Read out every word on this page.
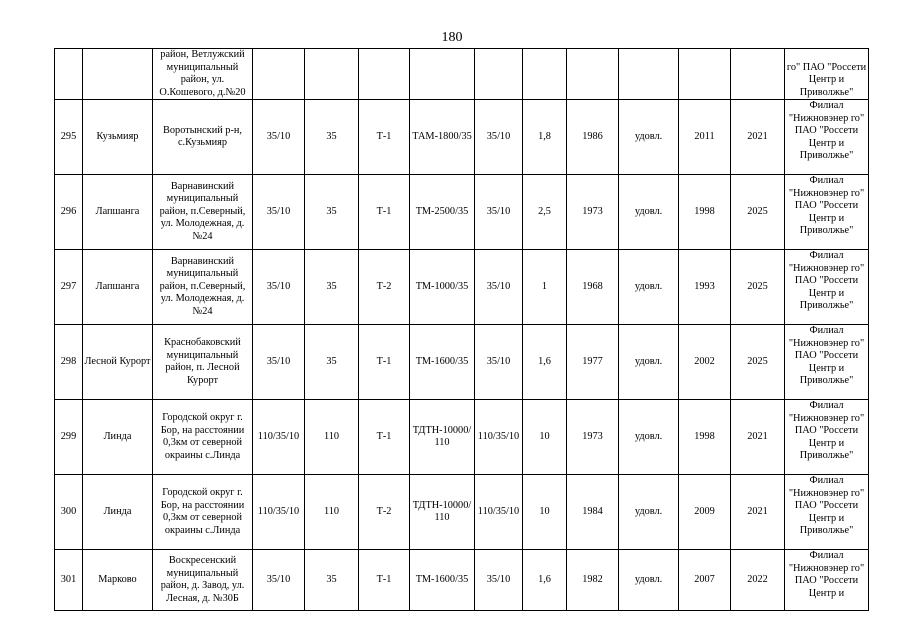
180
		район, Ветлужский муниципальный район, ул. О.Кошевого, д.№20											го" ПАО "Россети Центр и Приволжье"
295	Кузьмияр	Воротынский р-н, с.Кузьмияр	35/10	35	Т-1	ТАМ-1800/35	35/10	1,8	1986	удовл.	2011	2021	Филиал "Нижновэнер го" ПАО "Россети Центр и Приволжье"
296	Лапшанга	Варнавинский муниципальный район, п.Северный, ул. Молодежная, д.№24	35/10	35	Т-1	ТМ-2500/35	35/10	2,5	1973	удовл.	1998	2025	Филиал "Нижновэнер го" ПАО "Россети Центр и Приволжье"
297	Лапшанга	Варнавинский муниципальный район, п.Северный, ул. Молодежная, д.№24	35/10	35	Т-2	ТМ-1000/35	35/10	1	1968	удовл.	1993	2025	Филиал "Нижновэнер го" ПАО "Россети Центр и Приволжье"
298	Лесной Курорт	Краснобаковский муниципальный район, п. Лесной Курорт	35/10	35	Т-1	ТМ-1600/35	35/10	1,6	1977	удовл.	2002	2025	Филиал "Нижновэнер го" ПАО "Россети Центр и Приволжье"
299	Линда	Городской округ г. Бор, на расстоянии 0,3км от северной окраины с.Линда	110/35/10	110	Т-1	ТДТН-10000/110	110/35/10	10	1973	удовл.	1998	2021	Филиал "Нижновэнер го" ПАО "Россети Центр и Приволжье"
300	Линда	Городской округ г. Бор, на расстоянии 0,3км от северной окраины с.Линда	110/35/10	110	Т-2	ТДТН-10000/110	110/35/10	10	1984	удовл.	2009	2021	Филиал "Нижновэнер го" ПАО "Россети Центр и Приволжье"
301	Марково	Воскресенский муниципальный район, д. Завод, ул. Лесная, д. №30Б	35/10	35	Т-1	ТМ-1600/35	35/10	1,6	1982	удовл.	2007	2022	Филиал "Нижновэнер го" ПАО "Россети Центр и
